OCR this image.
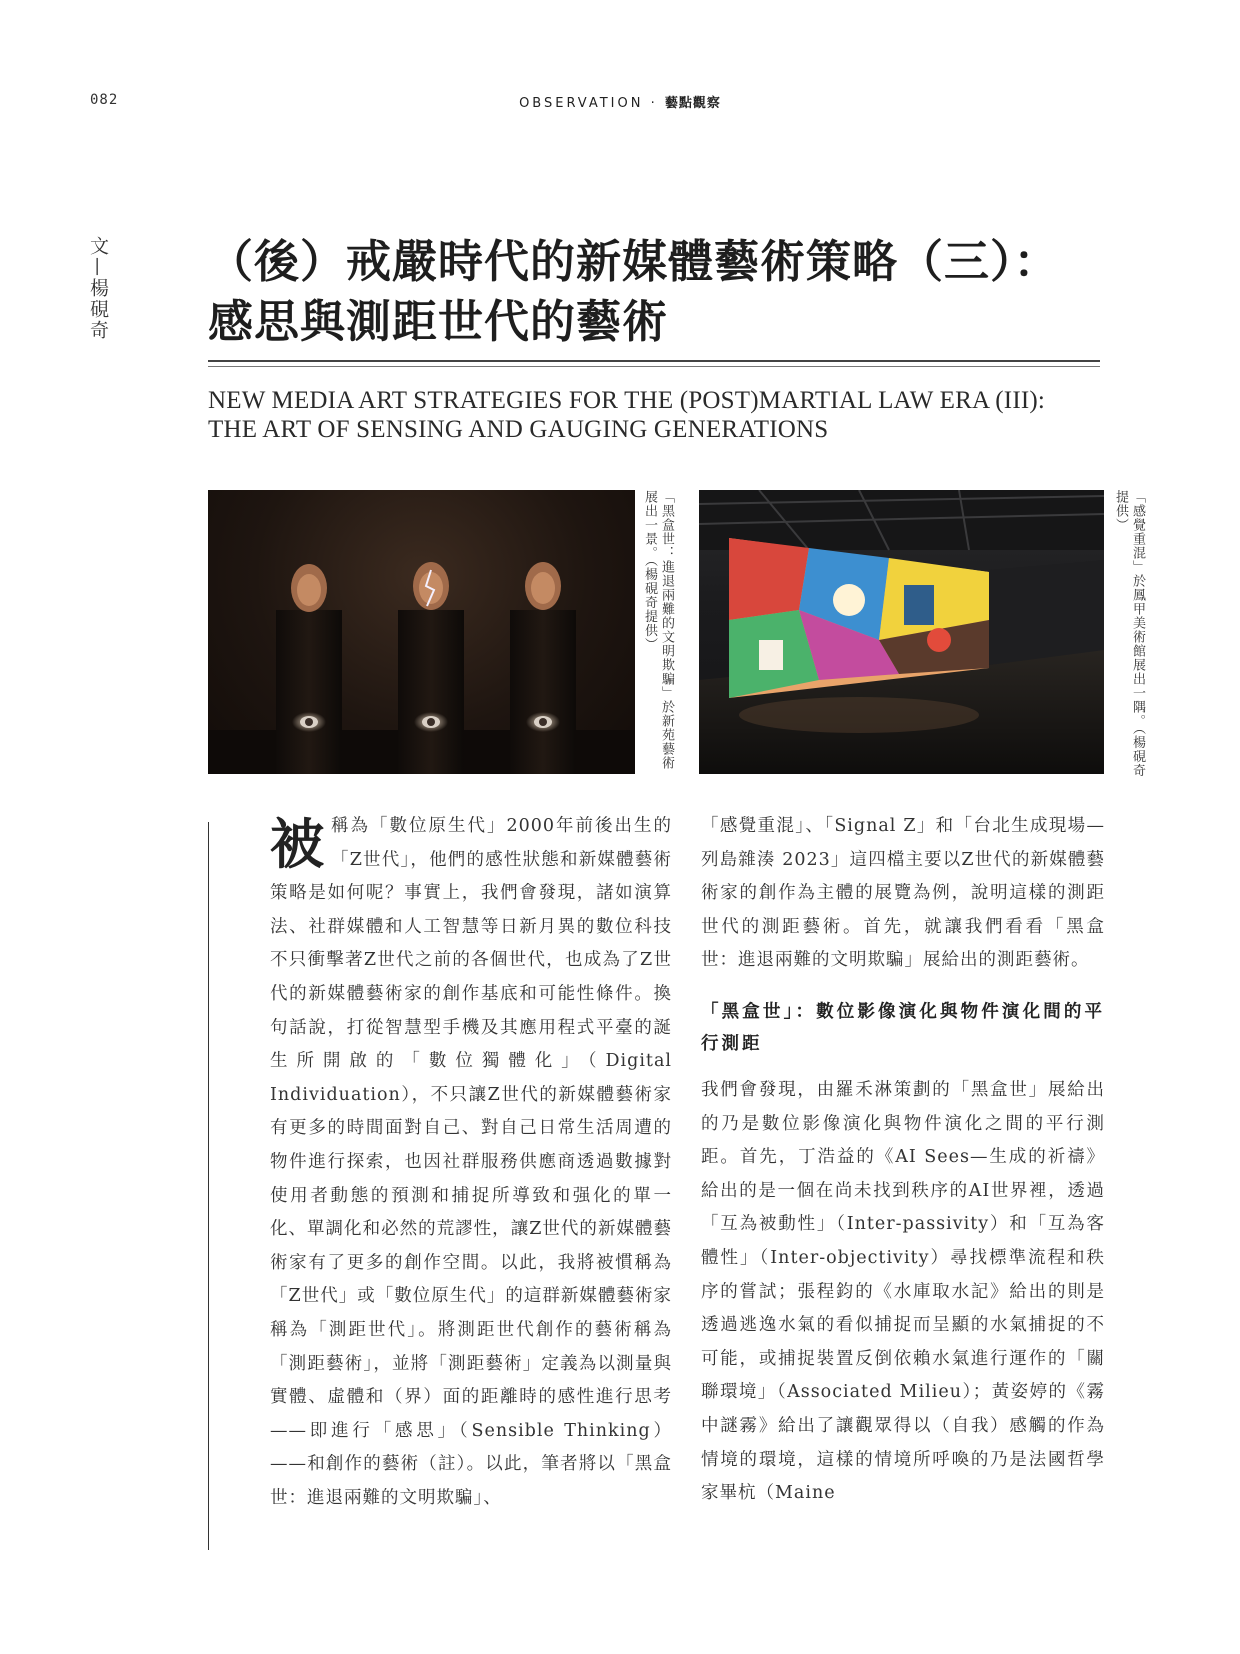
082	OBSERVATION · 藝點觀察
文—楊硯奇
（後）戒嚴時代的新媒體藝術策略（三）：
感思與測距世代的藝術
NEW MEDIA ART STRATEGIES FOR THE (POST)MARTIAL LAW ERA (III):
THE ART OF SENSING AND GAUGING GENERATIONS
「黑盒世：進退兩難的文明欺騙」於新苑藝術展出一景。（楊硯奇提供）	「感覺重混」於鳳甲美術館展出一隅。（楊硯奇提供）
被稱為「數位原生代」2000年前後出生的「Z世代」，他們的感性狀態和新媒體藝術策略是如何呢？事實上，我們會發現，諸如演算法、社群媒體和人工智慧等日新月異的數位科技不只衝擊著Z世代之前的各個世代，也成為了Z世代的新媒體藝術家的創作基底和可能性條件。換句話說，打從智慧型手機及其應用程式平臺的誕生所開啟的「數位獨體化」（Digital Individuation），不只讓Z世代的新媒體藝術家有更多的時間面對自己、對自己日常生活周遭的物件進行探索，也因社群服務供應商透過數據對使用者動態的預測和捕捉所導致和强化的單一化、單調化和必然的荒謬性，讓Z世代的新媒體藝術家有了更多的創作空間。以此，我將被慣稱為「Z世代」或「數位原生代」的這群新媒體藝術家稱為「測距世代」。將測距世代創作的藝術稱為「測距藝術」，並將「測距藝術」定義為以測量與實體、虛體和（界）面的距離時的感性進行思考——即進行「感思」（Sensible Thinking）——和創作的藝術（註）。以此，筆者將以「黑盒世：進退兩難的文明欺騙」、

「感覺重混」、「Signal Z」和「台北生成現場—列島雜湊 2023」這四檔主要以Z世代的新媒體藝術家的創作為主體的展覽為例，說明這樣的測距世代的測距藝術。首先，就讓我們看看「黑盒世：進退兩難的文明欺騙」展給出的測距藝術。

「黑盒世」：數位影像演化與物件演化間的平行測距

我們會發現，由羅禾淋策劃的「黑盒世」展給出的乃是數位影像演化與物件演化之間的平行測距。首先，丁浩益的《AI Sees—生成的祈禱》給出的是一個在尚未找到秩序的AI世界裡，透過「互為被動性」（Inter-passivity）和「互為客體性」（Inter-objectivity）尋找標準流程和秩序的嘗試；張程鈞的《水庫取水記》給出的則是透過逃逸水氣的看似捕捉而呈顯的水氣捕捉的不可能，或捕捉裝置反倒依賴水氣進行運作的「關聯環境」（Associated Milieu）；黃姿婷的《霧中謎霧》給出了讓觀眾得以（自我）感觸的作為情境的環境，這樣的情境所呼喚的乃是法國哲學家畢杭（Maine
